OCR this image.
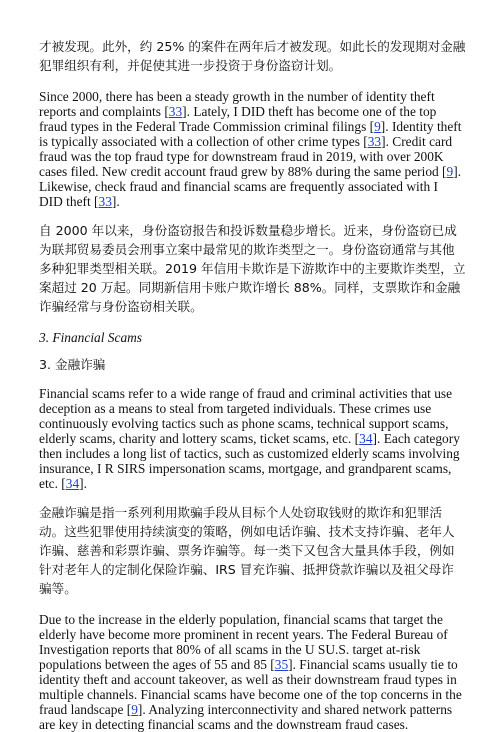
才被发现。此外，约 25% 的案件在两年后才被发现。如此长的发现期对金融
犯罪组织有利，并促使其进一步投资于身份盗窃计划。

Since 2000, there has been a steady growth in the number of identity theft reports and complaints [33]. Lately, I DID theft has become one of the top fraud types in the Federal Trade Commission criminal filings [9]. Identity theft is typically associated with a collection of other crime types [33]. Credit card fraud was the top fraud type for downstream fraud in 2019, with over 200K cases filed. New credit account fraud grew by 88% during the same period [9]. Likewise, check fraud and financial scams are frequently associated with I DID theft [33].

自 2000 年以来，身份盗窃报告和投诉数量稳步增长。近来，身份盗窃已成
为联邦贸易委员会刑事立案中最常见的欺诈类型之一。身份盗窃通常与其他
多种犯罪类型相关联。2019 年信用卡欺诈是下游欺诈中的主要欺诈类型，立
案超过 20 万起。同期新信用卡账户欺诈增长 88%。同样，支票欺诈和金融
诈骗经常与身份盗窃相关联。

3. Financial Scams

3. 金融诈骗

Financial scams refer to a wide range of fraud and criminal activities that use deception as a means to steal from targeted individuals. These crimes use continuously evolving tactics such as phone scams, technical support scams, elderly scams, charity and lottery scams, ticket scams, etc. [34]. Each category then includes a long list of tactics, such as customized elderly scams involving insurance, I R SIRS impersonation scams, mortgage, and grandparent scams, etc. [34].

金融诈骗是指一系列利用欺骗手段从目标个人处窃取钱财的欺诈和犯罪活
动。这些犯罪使用持续演变的策略，例如电话诈骗、技术支持诈骗、老年人
诈骗、慈善和彩票诈骗、票务诈骗等。每一类下又包含大量具体手段，例如
针对老年人的定制化保险诈骗、IRS 冒充诈骗、抵押贷款诈骗以及祖父母诈
骗等。

Due to the increase in the elderly population, financial scams that target the elderly have become more prominent in recent years. The Federal Bureau of Investigation reports that 80% of all scams in the U SU.S. target at-risk populations between the ages of 55 and 85 [35]. Financial scams usually tie to identity theft and account takeover, as well as their downstream fraud types in multiple channels. Financial scams have become one of the top concerns in the fraud landscape [9]. Analyzing interconnectivity and shared network patterns are key in detecting financial scams and the downstream fraud cases.
